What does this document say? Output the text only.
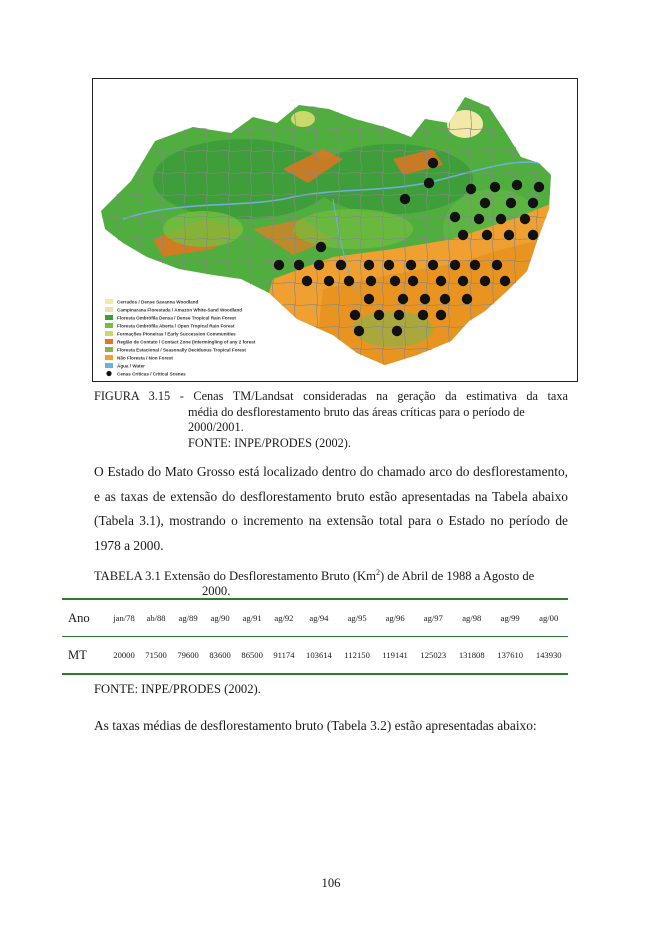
Cerrados / Dense Savanna Woodland
Campinarana Florestada / Amazon White-Sand Woodland
Floresta Ombrófila Densa / Dense Tropical Rain Forest
Floresta Ombrófila Aberta / Open Tropical Rain Forest
Formações Pioneiras / Early Succession Communities
Região de Contato / Contact Zone (Intermingling of any 2 forest
Floresta Estacional / Seasonally Deciduous Tropical Forest
Não Floresta / Non Forest
Água / Water
Cenas Críticas / Critical Scenes
FIGURA 3.15 - Cenas TM/Landsat consideradas na geração da estimativa da taxa
média do desflorestamento bruto das áreas críticas para o período de
2000/2001.
FONTE: INPE/PRODES (2002).
O Estado do Mato Grosso está localizado dentro do chamado arco do desflorestamento, e as taxas de extensão do desflorestamento bruto estão apresentadas na Tabela abaixo (Tabela 3.1), mostrando o incremento na extensão total para o Estado no período de 1978 a 2000.
TABELA 3.1 Extensão do Desflorestamento Bruto (Km$^2$) de Abril de 1988 a Agosto de
2000.
Ano	jan/78	ab/88	ag/89	ag/90	ag/91	ag/92	ag/94	ag/95	ag/96	ag/97	ag/98	ag/99	ag/00
MT	20000	71500	79600	83600	86500	91174	103614	112150	119141	125023	131808	137610	143930
FONTE: INPE/PRODES (2002).
As taxas médias de desflorestamento bruto (Tabela 3.2) estão apresentadas abaixo:
106
